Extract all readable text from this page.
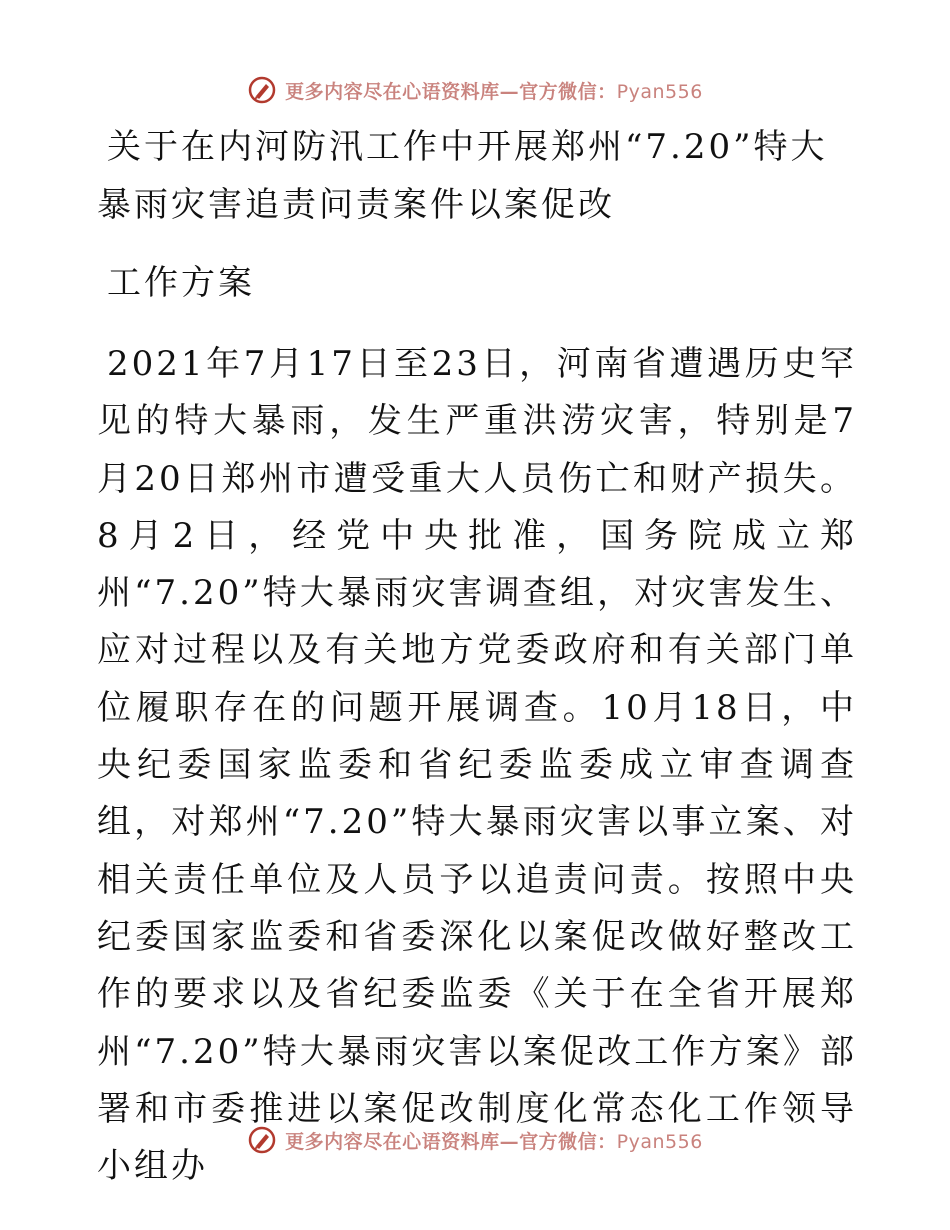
更多内容尽在心语资料库—官方微信：Pyan556
关于在内河防汛工作中开展郑州“7.20”特大暴雨灾害追责问责案件以案促改
工作方案

2021年7月17日至23日，河南省遭遇历史罕见的特大暴雨，发生严重洪涝灾害，特别是7月20日郑州市遭受重大人员伤亡和财产损失。8月2日，经党中央批准，国务院成立郑州“7.20”特大暴雨灾害调查组，对灾害发生、应对过程以及有关地方党委政府和有关部门单位履职存在的问题开展调查。10月18日，中央纪委国家监委和省纪委监委成立审查调查组，对郑州“7.20”特大暴雨灾害以事立案、对相关责任单位及人员予以追责问责。按照中央纪委国家监委和省委深化以案促改做好整改工作的要求以及省纪委监委《关于在全省开展郑州“7.20”特大暴雨灾害以案促改工作方案》部署和市委推进以案促改制度化常态化工作领导小组办

更多内容尽在心语资料库—官方微信：Pyan556
